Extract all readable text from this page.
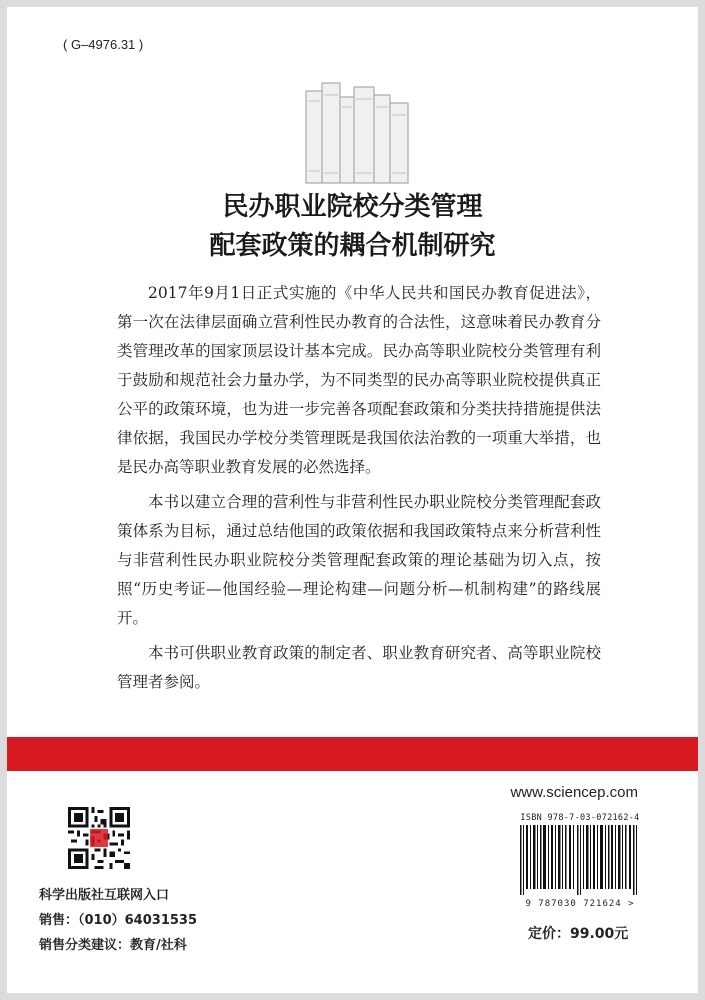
( G–4976.31 )
民办职业院校分类管理
配套政策的耦合机制研究

2017年9月1日正式实施的《中华人民共和国民办教育促进法》，第一次在法律层面确立营利性民办教育的合法性，这意味着民办教育分类管理改革的国家顶层设计基本完成。民办高等职业院校分类管理有利于鼓励和规范社会力量办学，为不同类型的民办高等职业院校提供真正公平的政策环境，也为进一步完善各项配套政策和分类扶持措施提供法律依据，我国民办学校分类管理既是我国依法治教的一项重大举措，也是民办高等职业教育发展的必然选择。

本书以建立合理的营利性与非营利性民办职业院校分类管理配套政策体系为目标，通过总结他国的政策依据和我国政策特点来分析营利性与非营利性民办职业院校分类管理配套政策的理论基础为切入点，按照“历史考证—他国经验—理论构建—问题分析—机制构建”的路线展开。

本书可供职业教育政策的制定者、职业教育研究者、高等职业院校管理者参阅。

www.sciencep.com
科学出版社互联网入口
销售：（010）64031535
销售分类建议：教育/社科
ISBN 978-7-03-072162-4
9 787030 721624 >
定价：99.00元
